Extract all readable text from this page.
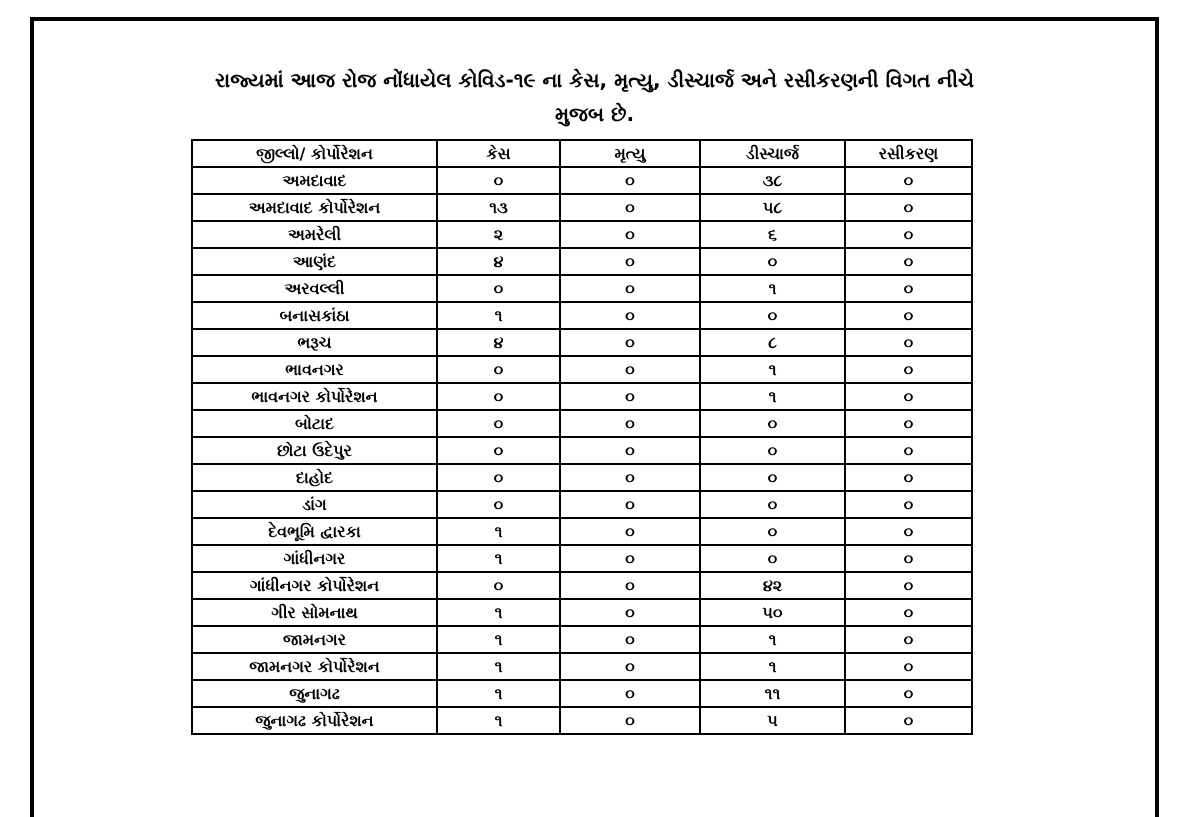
રાજ્યમાં આજ રોજ નોંધાયેલ કોવિડ-૧૯ ના કેસ, મૃત્યુ, ડીસ્ચાર્જ અને રસીકરણની વિગત નીચે
મુજબ છે.
જીલ્લો/ કોર્પોરેશન	કેસ	મૃત્યુ	ડીસ્ચાર્જ	રસીકરણ
અમદાવાદ	૦	૦	૩૮	૦
અમદાવાદ કોર્પોરેશન	૧૩	૦	૫૮	૦
અમરેલી	૨	૦	૬	૦
આણંદ	૪	૦	૦	૦
અરવલ્લી	૦	૦	૧	૦
બનાસકાંઠા	૧	૦	૦	૦
ભરૂચ	૪	૦	૮	૦
ભાવનગર	૦	૦	૧	૦
ભાવનગર કોર્પોરેશન	૦	૦	૧	૦
બોટાદ	૦	૦	૦	૦
છોટા ઉદેપુર	૦	૦	૦	૦
દાહોદ	૦	૦	૦	૦
ડાંગ	૦	૦	૦	૦
દેવભૂમિ દ્વારકા	૧	૦	૦	૦
ગાંધીનગર	૧	૦	૦	૦
ગાંધીનગર કોર્પોરેશન	૦	૦	૪૨	૦
ગીર સોમનાથ	૧	૦	૫૦	૦
જામનગર	૧	૦	૧	૦
જામનગર કોર્પોરેશન	૧	૦	૧	૦
જુનાગઢ	૧	૦	૧૧	૦
જુનાગઢ કોર્પોરેશન	૧	૦	૫	૦
